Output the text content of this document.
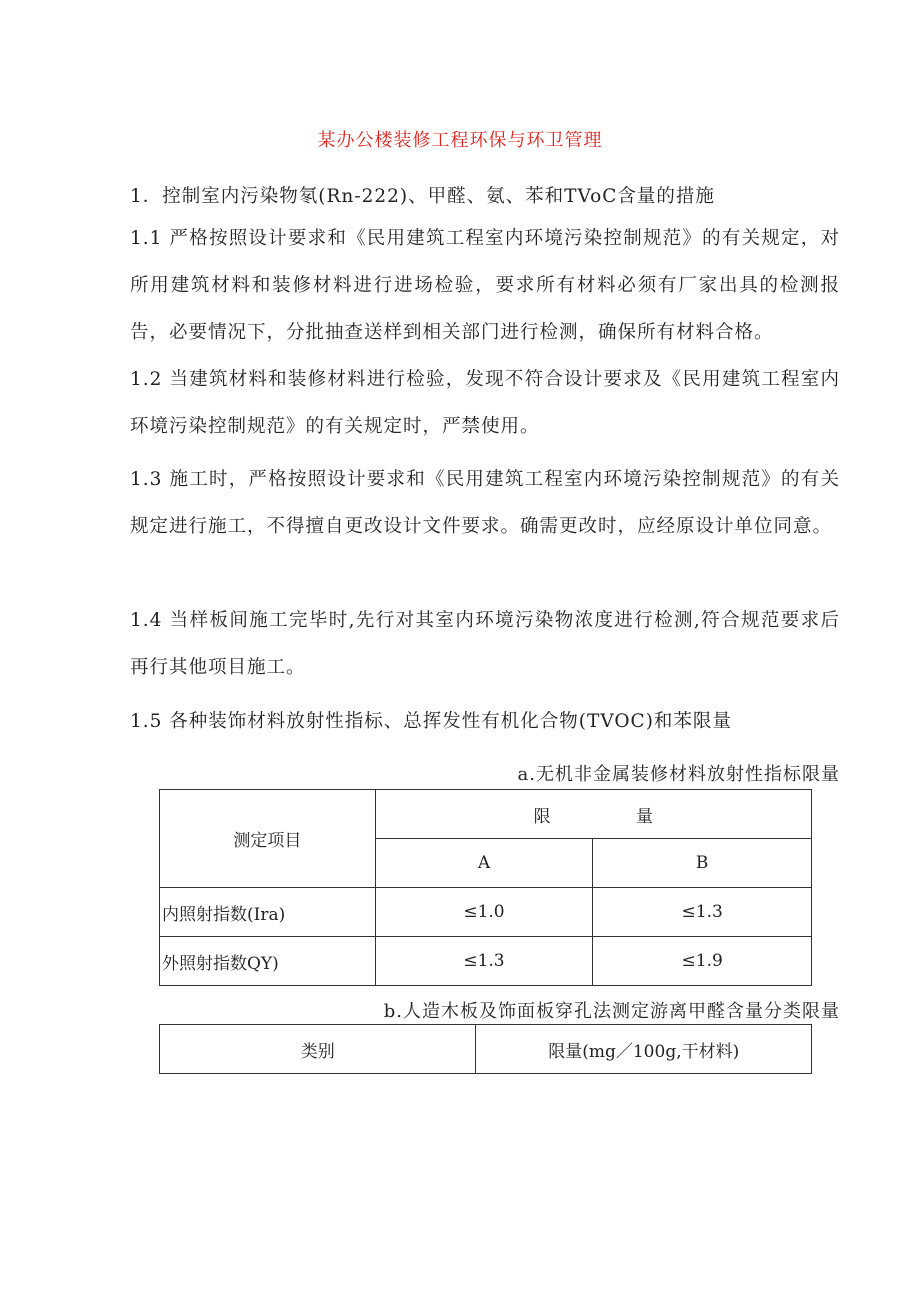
某办公楼装修工程环保与环卫管理
1．控制室内污染物氡(Rn-222)、甲醛、氨、苯和TVoC含量的措施
1.1 严格按照设计要求和《民用建筑工程室内环境污染控制规范》的有关规定，对所用建筑材料和装修材料进行进场检验，要求所有材料必须有厂家出具的检测报告，必要情况下，分批抽查送样到相关部门进行检测，确保所有材料合格。
1.2 当建筑材料和装修材料进行检验，发现不符合设计要求及《民用建筑工程室内环境污染控制规范》的有关规定时，严禁使用。
1.3 施工时，严格按照设计要求和《民用建筑工程室内环境污染控制规范》的有关规定进行施工，不得擅自更改设计文件要求。确需更改时，应经原设计单位同意。
1.4 当样板间施工完毕时,先行对其室内环境污染物浓度进行检测,符合规范要求后再行其他项目施工。
1.5 各种装饰材料放射性指标、总挥发性有机化合物(TVOC)和苯限量
a.无机非金属装修材料放射性指标限量
测定项目	限 量	
	A	B
内照射指数(Ira)	≤1.0	≤1.3
外照射指数QY)	≤1.3	≤1.9
b.人造木板及饰面板穿孔法测定游离甲醛含量分类限量
类别	限量(mg／100g,干材料)
